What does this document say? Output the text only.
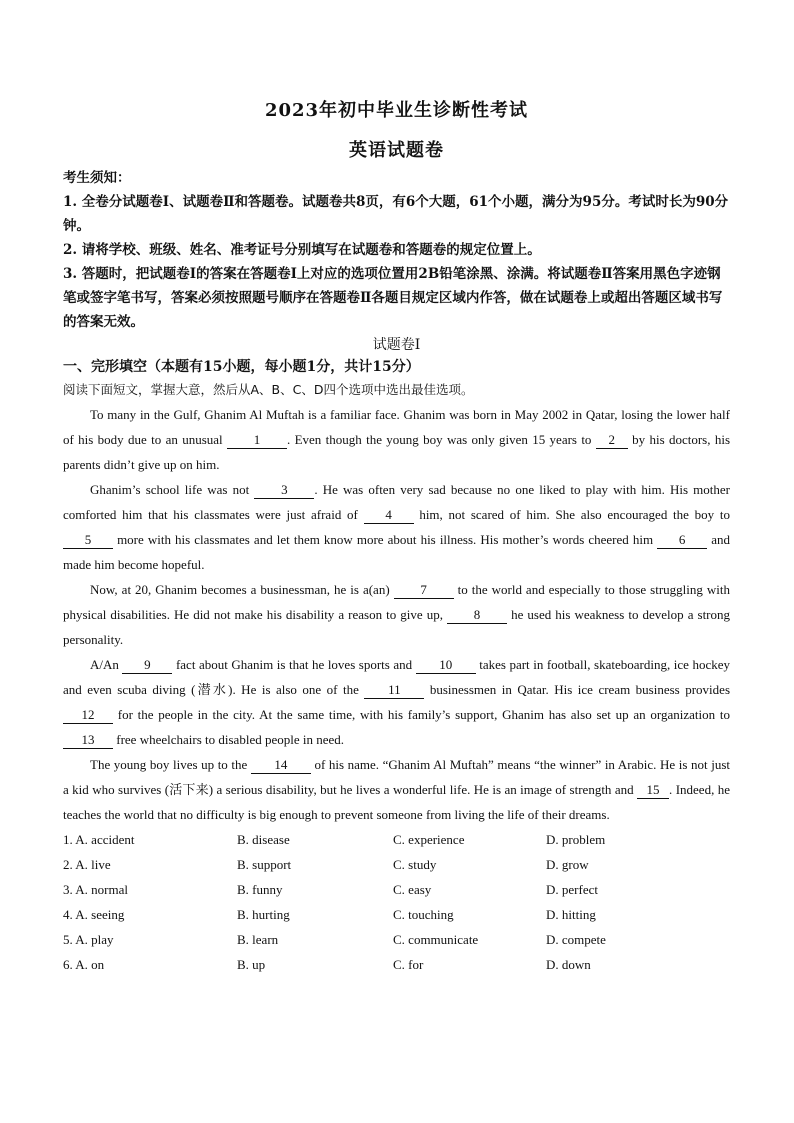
2023年初中毕业生诊断性考试
英语试题卷

考生须知：

1. 全卷分试题卷Ⅰ、试题卷Ⅱ和答题卷。试题卷共8页，有6个大题，61个小题，满分为95分。考试时长为90分钟。

2. 请将学校、班级、姓名、准考证号分别填写在试题卷和答题卷的规定位置上。

3. 答题时，把试题卷Ⅰ的答案在答题卷Ⅰ上对应的选项位置用2B铅笔涂黑、涂满。将试题卷Ⅱ答案用黑色字迹钢笔或签字笔书写，答案必须按照题号顺序在答题卷Ⅱ各题目规定区域内作答，做在试题卷上或超出答题区域书写的答案无效。

试题卷Ⅰ
一、完形填空（本题有15小题，每小题1分，共计15分）
阅读下面短文，掌握大意，然后从A、B、C、D四个选项中选出最佳选项。

To many in the Gulf, Ghanim Al Muftah is a familiar face. Ghanim was born in May 2002 in Qatar, losing the lower half of his body due to an unusual 1 . Even though the young boy was only given 15 years to 2 by his doctors, his parents didn’t give up on him.

Ghanim’s school life was not 3 . He was often very sad because no one liked to play with him. His mother comforted him that his classmates were just afraid of 4 him, not scared of him. She also encouraged the boy to 5 more with his classmates and let them know more about his illness. His mother’s words cheered him 6 and made him become hopeful.

Now, at 20, Ghanim becomes a businessman, he is a(an) 7 to the world and especially to those struggling with physical disabilities. He did not make his disability a reason to give up, 8 he used his weakness to develop a strong personality.

A/An 9 fact about Ghanim is that he loves sports and 10 takes part in football, skateboarding, ice hockey and even scuba diving (潜水). He is also one of the 11 businessmen in Qatar. His ice cream business provides 12 for the people in the city. At the same time, with his family’s support, Ghanim has also set up an organization to 13 free wheelchairs to disabled people in need.

The young boy lives up to the 14 of his name. “Ghanim Al Muftah” means “the winner” in Arabic. He is not just a kid who survives (活下来) a serious disability, but he lives a wonderful life. He is an image of strength and 15 . Indeed, he teaches the world that no difficulty is big enough to prevent someone from living the life of their dreams.

1. A. accident	B. disease	C. experience	D. problem
2. A. live	B. support	C. study	D. grow
3. A. normal	B. funny	C. easy	D. perfect
4. A. seeing	B. hurting	C. touching	D. hitting
5. A. play	B. learn	C. communicate	D. compete
6. A. on	B. up	C. for	D. down
